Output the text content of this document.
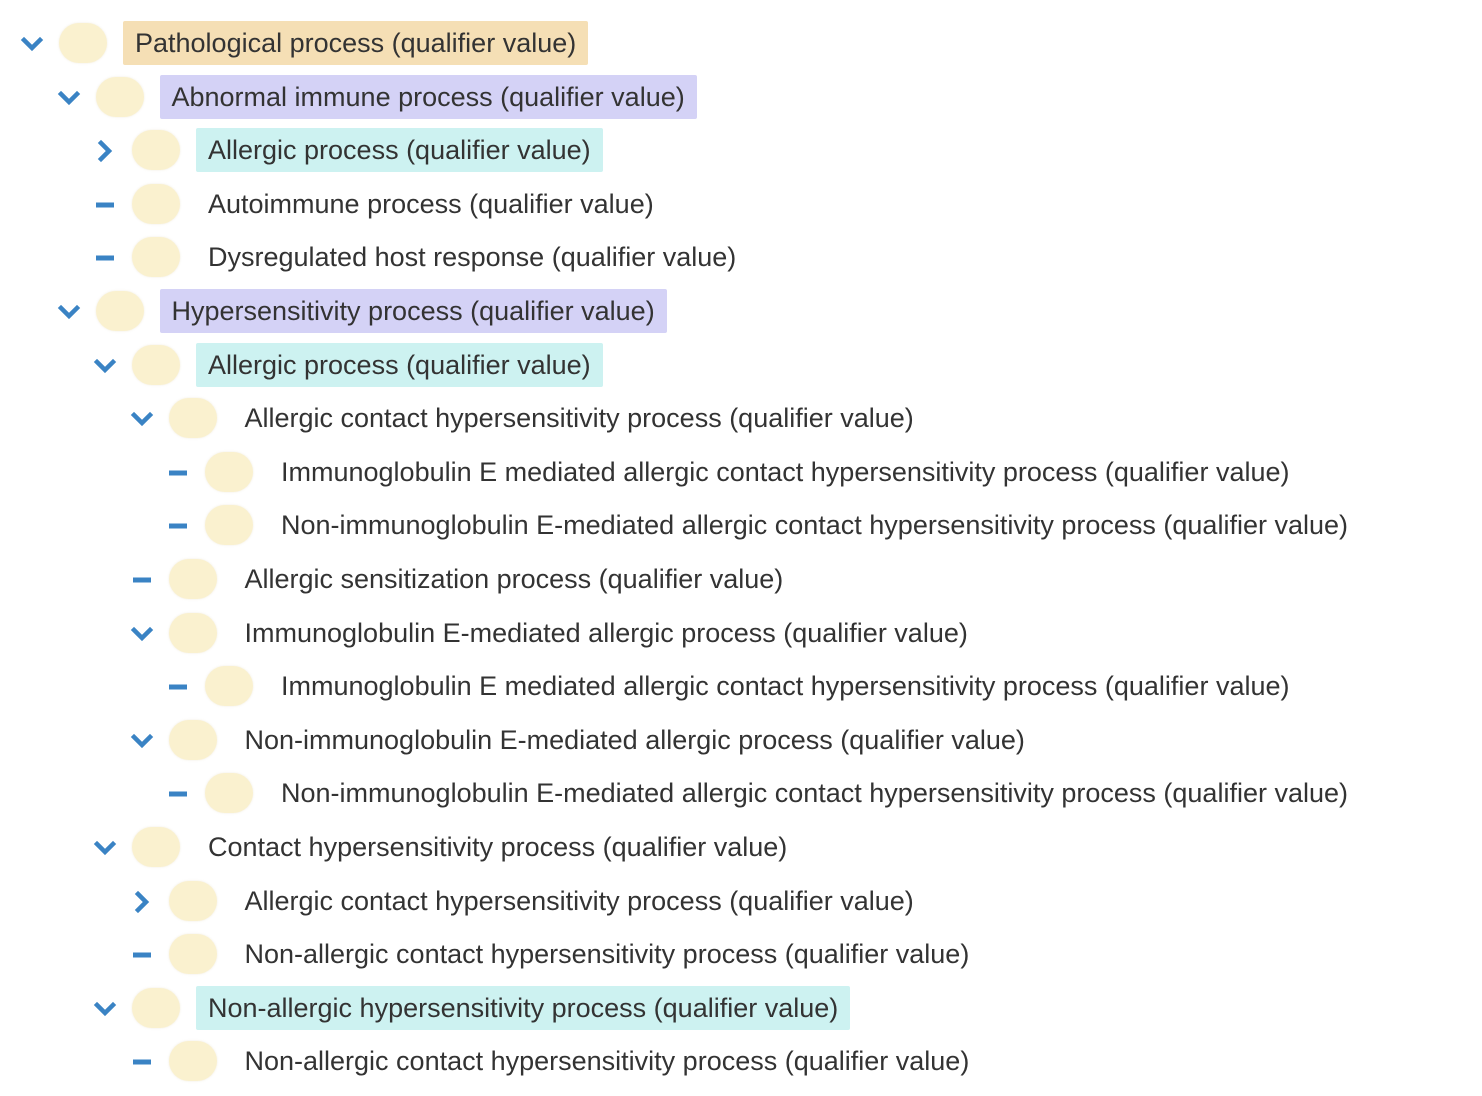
Pathological process (qualifier value)
Abnormal immune process (qualifier value)
Allergic process (qualifier value)
Autoimmune process (qualifier value)
Dysregulated host response (qualifier value)
Hypersensitivity process (qualifier value)
Allergic process (qualifier value)
Allergic contact hypersensitivity process (qualifier value)
Immunoglobulin E mediated allergic contact hypersensitivity process (qualifier value)
Non-immunoglobulin E-mediated allergic contact hypersensitivity process (qualifier value)
Allergic sensitization process (qualifier value)
Immunoglobulin E-mediated allergic process (qualifier value)
Immunoglobulin E mediated allergic contact hypersensitivity process (qualifier value)
Non-immunoglobulin E-mediated allergic process (qualifier value)
Non-immunoglobulin E-mediated allergic contact hypersensitivity process (qualifier value)
Contact hypersensitivity process (qualifier value)
Allergic contact hypersensitivity process (qualifier value)
Non-allergic contact hypersensitivity process (qualifier value)
Non-allergic hypersensitivity process (qualifier value)
Non-allergic contact hypersensitivity process (qualifier value)
